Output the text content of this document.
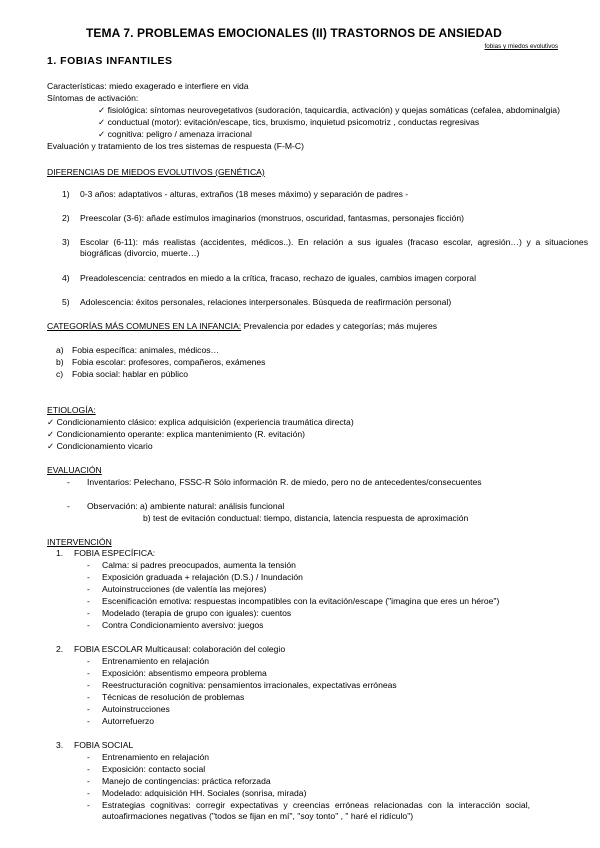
TEMA 7. PROBLEMAS EMOCIONALES (II) TRASTORNOS DE ANSIEDAD
fobias y miedos evolutivos
1. FOBIAS INFANTILES
Características: miedo exagerado e interfiere en vida
Síntomas de activación:
✓ fisiológica: síntomas neurovegetativos (sudoración, taquicardia, activación) y quejas somáticas (cefalea, abdominalgia)
✓ conductual (motor): evitación/escape, tics, bruxismo, inquietud psicomotriz , conductas regresivas
✓ cognitiva: peligro / amenaza irracional
Evaluación y tratamiento de los tres sistemas de respuesta (F-M-C)
DIFERENCIAS DE MIEDOS EVOLUTIVOS (GENÉTICA)
1) 0-3 años: adaptativos - alturas, extraños (18 meses máximo) y separación de padres -
2) Preescolar (3-6): añade estímulos imaginarios (monstruos, oscuridad, fantasmas, personajes ficción)
3) Escolar (6-11): más realistas (accidentes, médicos..). En relación a sus iguales (fracaso escolar, agresión…) y a situaciones biográficas (divorcio, muerte…)
4) Preadolescencia: centrados en miedo a la crítica, fracaso, rechazo de iguales, cambios imagen corporal
5) Adolescencia: éxitos personales, relaciones interpersonales. Búsqueda de reafirmación personal)
CATEGORÍAS MÁS COMUNES EN LA INFANCIA: Prevalencia por edades y categorías; más mujeres
a) Fobia específica: animales, médicos…
b) Fobia escolar: profesores, compañeros, exámenes
c) Fobia social: hablar en público
ETIOLOGÍA:
✓ Condicionamiento clásico: explica adquisición (experiencia traumática directa)
✓ Condicionamiento operante: explica mantenimiento (R. evitación)
✓ Condicionamiento vicario
EVALUACIÓN
- Inventarios: Pelechano, FSSC-R Sólo información R. de miedo, pero no de antecedentes/consecuentes
- Observación: a) ambiente natural: análisis funcional
b) test de evitación conductual: tiempo, distancia, latencia respuesta de aproximación
INTERVENCIÓN
1. FOBIA ESPECÍFICA:
- Calma: si padres preocupados, aumenta la tensión
- Exposición graduada + relajación (D.S.) / Inundación
- Autoinstrucciones (de valentía las mejores)
- Escenificación emotiva: respuestas incompatibles con la evitación/escape ("imagina que eres un héroe")
- Modelado (terapia de grupo con iguales): cuentos
- Contra Condicionamiento aversivo: juegos
2. FOBIA ESCOLAR Multicausal: colaboración del colegio
- Entrenamiento en relajación
- Exposición: absentismo empeora problema
- Reestructuración cognitiva: pensamientos irracionales, expectativas erróneas
- Técnicas de resolución de problemas
- Autoinstrucciones
- Autorrefuerzo
3. FOBIA SOCIAL
- Entrenamiento en relajación
- Exposición: contacto social
- Manejo de contingencias: práctica reforzada
- Modelado: adquisición HH. Sociales (sonrisa, mirada)
- Estrategias cognitivas: corregir expectativas y creencias erróneas relacionadas con la interacción social, autoafirmaciones negativas ("todos se fijan en mí", "soy tonto" , " haré el ridículo")
